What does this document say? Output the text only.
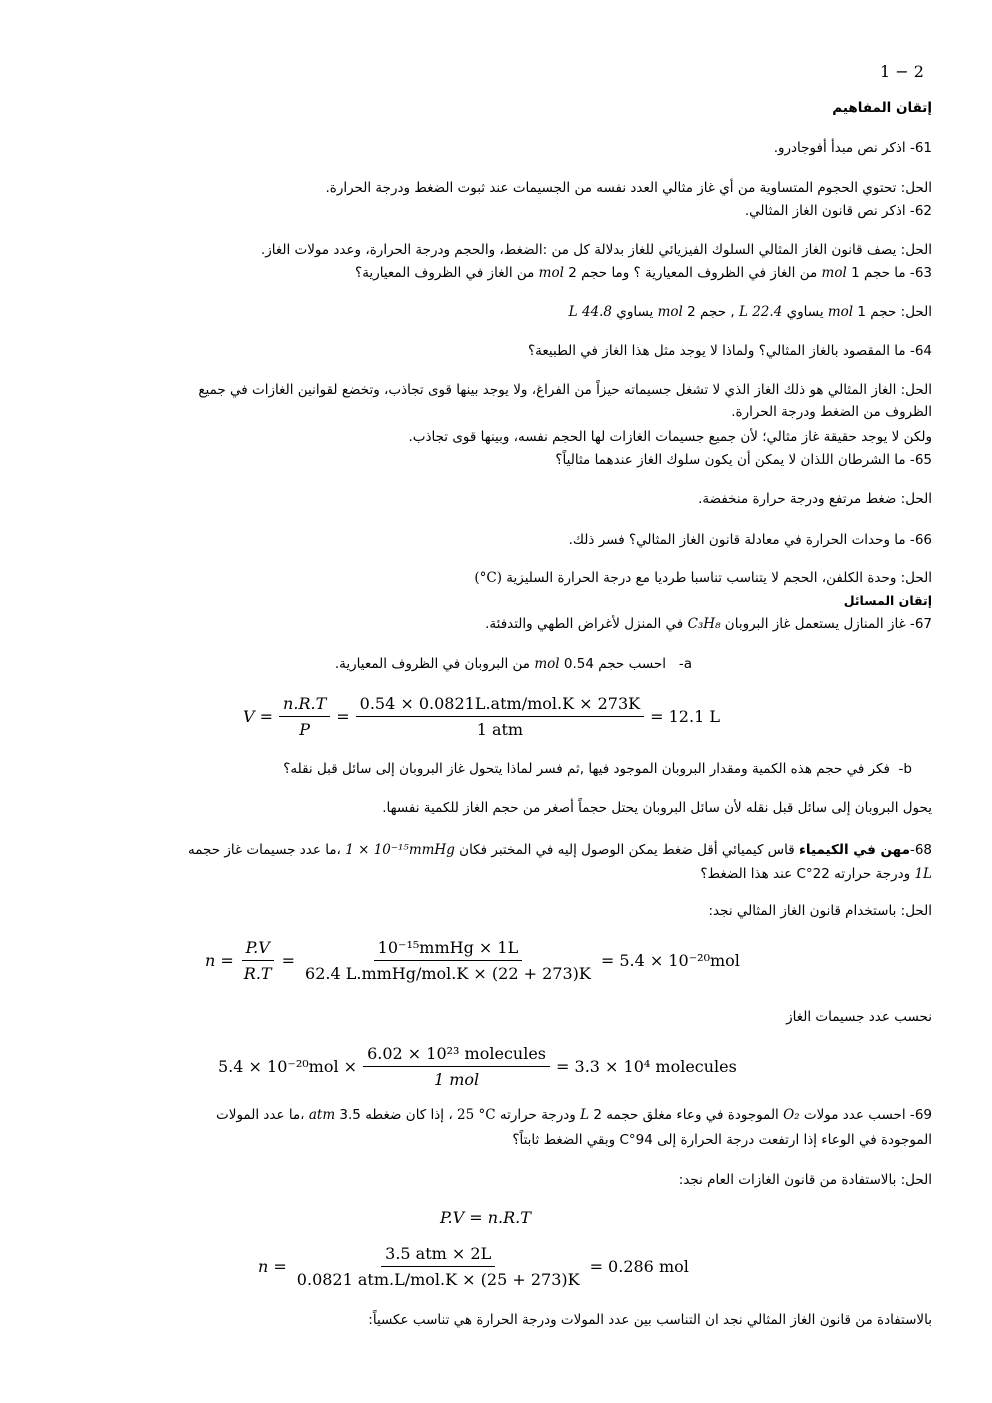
1 − 2
إتقان المفاهيم
61- اذكر نص مبدأ أفوجادرو.
الحل: تحتوي الحجوم المتساوية من أي غاز مثالي العدد نفسه من الجسيمات عند ثبوت الضغط ودرجة الحرارة.
62- اذكر نص قانون الغاز المثالي.
الحل: يصف قانون الغاز المثالي السلوك الفيزيائي للغاز بدلالة كل من :الضغط، والحجم ودرجة الحرارة، وعدد مولات الغاز.
63- ما حجم 1 mol من الغاز في الظروف المعيارية ؟ وما حجم 2 mol من الغاز في الظروف المعيارية؟
الحل: حجم 1 mol يساوي 22.4 L , حجم 2 mol يساوي 44.8 L
64- ما المقصود بالغاز المثالي؟ ولماذا لا يوجد مثل هذا الغاز في الطبيعة؟
الحل: الغاز المثالي هو ذلك الغاز الذي لا تشغل جسيماته حيزاً من الفراغ، ولا يوجد بينها قوى تجاذب، وتخضع لقوانين الغازات في جميع
الظروف من الضغط ودرجة الحرارة.
ولكن لا يوجد حقيقة غاز مثالي؛ لأن جميع جسيمات الغازات لها الحجم نفسه، وبينها قوى تجاذب.
65- ما الشرطان اللذان لا يمكن أن يكون سلوك الغاز عندهما مثالياً؟
الحل: ضغط مرتفع ودرجة حرارة منخفضة.
66- ما وحدات الحرارة في معادلة قانون الغاز المثالي؟ فسر ذلك.
الحل: وحدة الكلفن، الحجم لا يتناسب تناسبا طرديا مع درجة الحرارة السليزية (°C)
إتقان المسائل
67- غاز المنازل يستعمل غاز البروبان C₃H₈ في المنزل لأغراض الطهي والتدفئة.
a-   احسب حجم 0.54 mol من البروبان في الظروف المعيارية.
$V = \frac{n.R.T}{P} = \frac{\text{0.54 × 0.0821L.atm/mol.K × 273K}}{\text{1 atm}} = 12.1$ L
b-  فكر في حجم هذه الكمية ومقدار البروبان الموجود فيها ,ثم فسر لماذا يتحول غاز البروبان إلى سائل قبل نقله؟
يحول البروبان إلى سائل قبل نقله لأن سائل البروبان يحتل حجماً أصغر من حجم الغاز للكمية نفسها.
68-مهن في الكيمياء قاس كيميائي أقل ضغط يمكن الوصول إليه في المختبر فكان 1 × 10⁻¹⁵mmHg ،ما عدد جسيمات غاز حجمه
1L ودرجة حرارته 22°C عند هذا الضغط؟
الحل: باستخدام قانون الغاز المثالي نجد:
$n = \frac{P.V}{R.T} = \frac{\text{10⁻¹⁵mmHg × 1L}}{\text{62.4 L.mmHg/mol.K × (22 + 273)K}} = 5.4 \times 10^{-20}mol$
نحسب عدد جسيمات الغاز
$5.4 \times 10^{-20}mol \times \frac{\text{6.02 × 10²³ molecules}}{\text{1 mol}} = 3.3 \times 10^4$ molecules
69- احسب عدد مولات O₂ الموجودة في وعاء مغلق حجمه 2 L ودرجة حرارته 25 °C ، إذا كان ضغطه 3.5 atm ،ما عدد المولات
الموجودة في الوعاء إذا ارتفعت درجة الحرارة إلى 94°C وبقي الضغط ثابتاً؟
الحل: بالاستفادة من قانون الغازات العام نجد:
P.V = n.R.T
$n = \frac{\text{3.5 atm × 2L}}{\text{0.0821 atm.L/mol.K × (25 + 273)K}} = 0.286$ mol
بالاستفادة من قانون الغاز المثالي نجد ان التناسب بين عدد المولات ودرجة الحرارة هي تناسب عكسياً:
